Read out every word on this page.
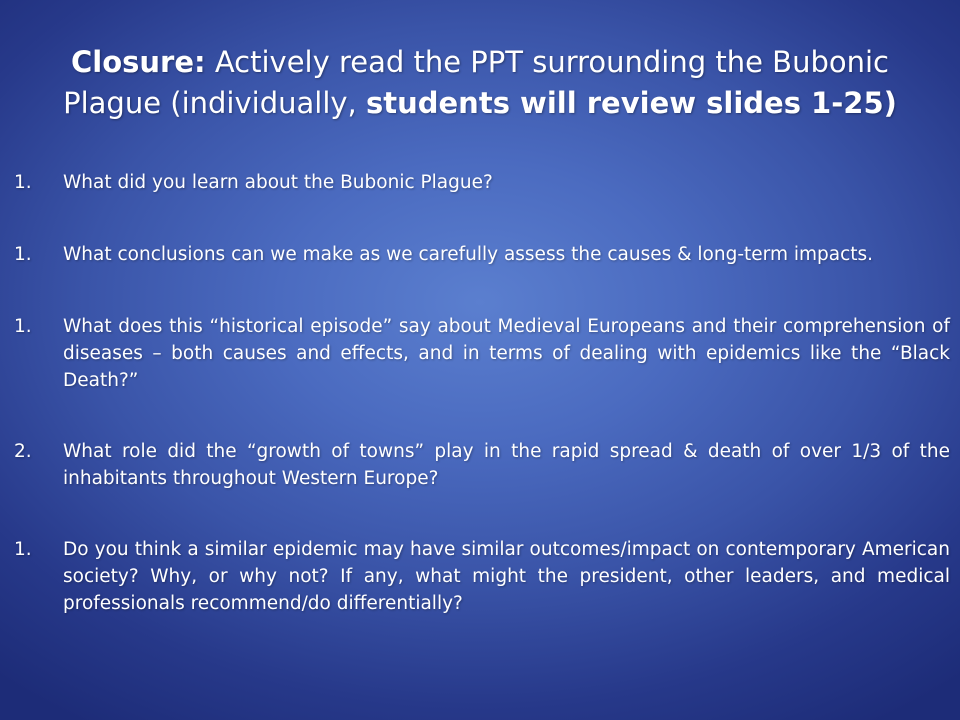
Closure: Actively read the PPT surrounding the Bubonic Plague (individually, students will review slides 1-25)
1. What did you learn about the Bubonic Plague?
1. What conclusions can we make as we carefully assess the causes & long-term impacts.
1. What does this “historical episode” say about Medieval Europeans and their comprehension of diseases – both causes and effects, and in terms of dealing with epidemics like the “Black Death?”
2. What role did the “growth of towns” play in the rapid spread & death of over 1/3 of the inhabitants throughout Western Europe?
1. Do you think a similar epidemic may have similar outcomes/impact on contemporary American society? Why, or why not? If any, what might the president, other leaders, and medical professionals recommend/do differentially?
